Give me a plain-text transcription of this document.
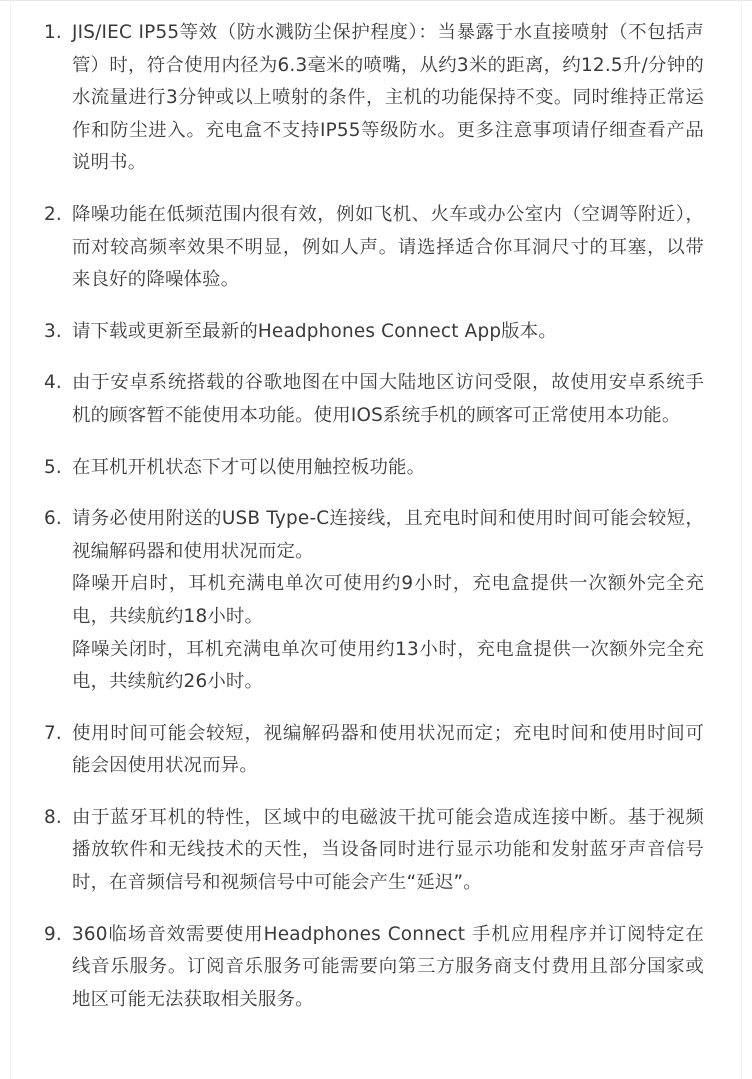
1. JIS/IEC IP55等效（防水溅防尘保护程度）：当暴露于水直接喷射（不包括声管）时，符合使用内径为6.3毫米的喷嘴，从约3米的距离，约12.5升/分钟的水流量进行3分钟或以上喷射的条件，主机的功能保持不变。同时维持正常运作和防尘进入。充电盒不支持IP55等级防水。更多注意事项请仔细查看产品说明书。
2. 降噪功能在低频范围内很有效，例如飞机、火车或办公室内（空调等附近），而对较高频率效果不明显，例如人声。请选择适合你耳洞尺寸的耳塞，以带来良好的降噪体验。
3. 请下载或更新至最新的Headphones Connect App版本。
4. 由于安卓系统搭载的谷歌地图在中国大陆地区访问受限，故使用安卓系统手机的顾客暂不能使用本功能。使用IOS系统手机的顾客可正常使用本功能。
5. 在耳机开机状态下才可以使用触控板功能。
6. 请务必使用附送的USB Type-C连接线，且充电时间和使用时间可能会较短，视编解码器和使用状况而定。
降噪开启时，耳机充满电单次可使用约9小时，充电盒提供一次额外完全充电，共续航约18小时。
降噪关闭时，耳机充满电单次可使用约13小时，充电盒提供一次额外完全充电，共续航约26小时。
7. 使用时间可能会较短，视编解码器和使用状况而定；充电时间和使用时间可能会因使用状况而异。
8. 由于蓝牙耳机的特性，区域中的电磁波干扰可能会造成连接中断。基于视频播放软件和无线技术的天性，当设备同时进行显示功能和发射蓝牙声音信号时，在音频信号和视频信号中可能会产生“延迟”。
9. 360临场音效需要使用Headphones Connect 手机应用程序并订阅特定在线音乐服务。订阅音乐服务可能需要向第三方服务商支付费用且部分国家或地区可能无法获取相关服务。
